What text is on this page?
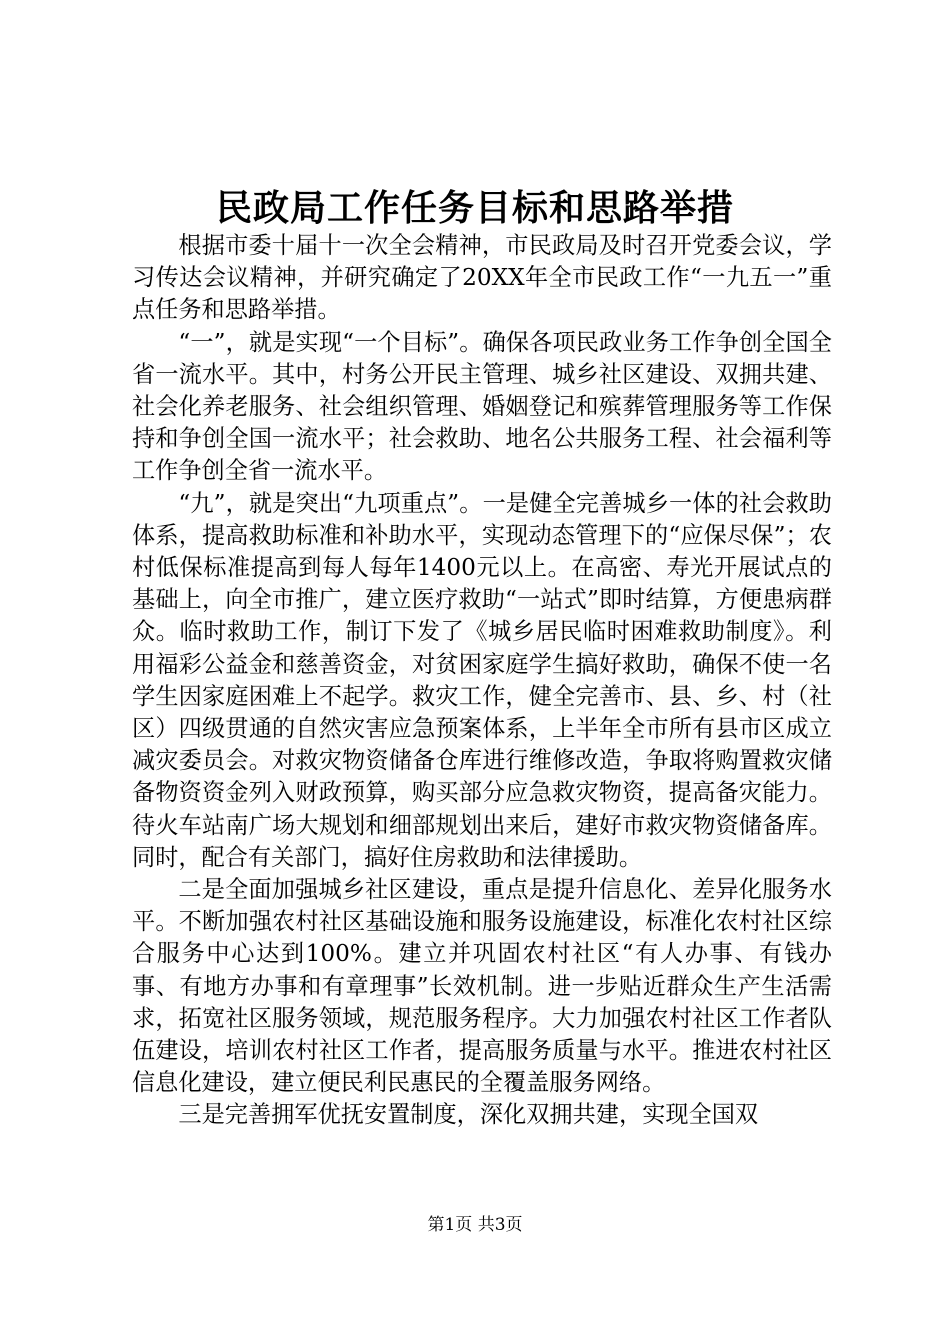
民政局工作任务目标和思路举措

根据市委十届十一次全会精神，市民政局及时召开党委会议，学习传达会议精神，并研究确定了20XX年全市民政工作“一九五一”重点任务和思路举措。

“一”，就是实现“一个目标”。确保各项民政业务工作争创全国全省一流水平。其中，村务公开民主管理、城乡社区建设、双拥共建、社会化养老服务、社会组织管理、婚姻登记和殡葬管理服务等工作保持和争创全国一流水平；社会救助、地名公共服务工程、社会福利等工作争创全省一流水平。

“九”，就是突出“九项重点”。一是健全完善城乡一体的社会救助体系，提高救助标准和补助水平，实现动态管理下的“应保尽保”；农村低保标准提高到每人每年1400元以上。在高密、寿光开展试点的基础上，向全市推广，建立医疗救助“一站式”即时结算，方便患病群众。临时救助工作，制订下发了《城乡居民临时困难救助制度》。利用福彩公益金和慈善资金，对贫困家庭学生搞好救助，确保不使一名学生因家庭困难上不起学。救灾工作，健全完善市、县、乡、村（社区）四级贯通的自然灾害应急预案体系，上半年全市所有县市区成立减灾委员会。对救灾物资储备仓库进行维修改造，争取将购置救灾储备物资资金列入财政预算，购买部分应急救灾物资，提高备灾能力。待火车站南广场大规划和细部规划出来后，建好市救灾物资储备库。同时，配合有关部门，搞好住房救助和法律援助。

二是全面加强城乡社区建设，重点是提升信息化、差异化服务水平。不断加强农村社区基础设施和服务设施建设，标准化农村社区综合服务中心达到100%。建立并巩固农村社区“有人办事、有钱办事、有地方办事和有章理事”长效机制。进一步贴近群众生产生活需求，拓宽社区服务领域，规范服务程序。大力加强农村社区工作者队伍建设，培训农村社区工作者，提高服务质量与水平。推进农村社区信息化建设，建立便民利民惠民的全覆盖服务网络。

三是完善拥军优抚安置制度，深化双拥共建，实现全国双

第1页 共3页
